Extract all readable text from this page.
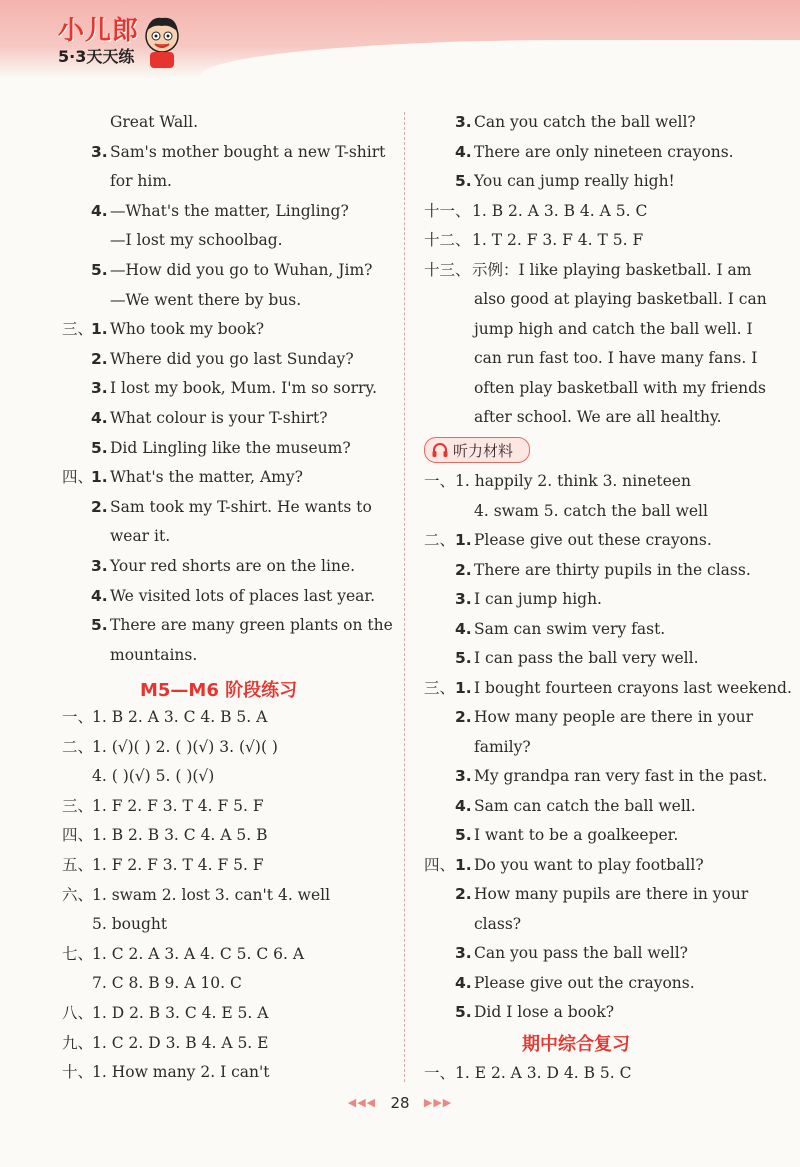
小儿郎
5·3天天练
Great Wall.
3. Sam's mother bought a new T-shirt
for him.
4. —What's the matter, Lingling?
—I lost my schoolbag.
5. —How did you go to Wuhan, Jim?
—We went there by bus.
三、
1. Who took my book?
2. Where did you go last Sunday?
3. I lost my book, Mum. I'm so sorry.
4. What colour is your T-shirt?
5. Did Lingling like the museum?
四、
1. What's the matter, Amy?
2. Sam took my T-shirt. He wants to
wear it.
3. Your red shorts are on the line.
4. We visited lots of places last year.
5. There are many green plants on the
mountains.
M5—M6 阶段练习
一、
1. B 2. A 3. C 4. B 5. A
二、
1. (√)( ) 2. ( )(√) 3. (√)( )
4. ( )(√) 5. ( )(√)
三、
1. F 2. F 3. T 4. F 5. F
四、
1. B 2. B 3. C 4. A 5. B
五、
1. F 2. F 3. T 4. F 5. F
六、
1. swam 2. lost 3. can't 4. well
5. bought
七、
1. C 2. A 3. A 4. C 5. C 6. A
7. C 8. B 9. A 10. C
八、
1. D 2. B 3. C 4. E 5. A
九、
1. C 2. D 3. B 4. A 5. E
十、
1. How many 2. I can't
3. Can you catch the ball well?
4. There are only nineteen crayons.
5. You can jump really high!
十一、 1. B 2. A 3. B 4. A 5. C
十二、 1. T 2. F 3. F 4. T 5. F
十三、 示例：I like playing basketball. I am
also good at playing basketball. I can
jump high and catch the ball well. I
can run fast too. I have many fans. I
often play basketball with my friends
after school. We are all healthy.
听力材料
一、 1. happily 2. think 3. nineteen
4. swam 5. catch the ball well
二、 1. Please give out these crayons.
2. There are thirty pupils in the class.
3. I can jump high.
4. Sam can swim very fast.
5. I can pass the ball very well.
三、 1. I bought fourteen crayons last weekend.
2. How many people are there in your
family?
3. My grandpa ran very fast in the past.
4. Sam can catch the ball well.
5. I want to be a goalkeeper.
四、 1. Do you want to play football?
2. How many pupils are there in your
class?
3. Can you pass the ball well?
4. Please give out the crayons.
5. Did I lose a book?
期中综合复习
一、 1. E 2. A 3. D 4. B 5. C
◀◀◀ 28 ▶▶▶
